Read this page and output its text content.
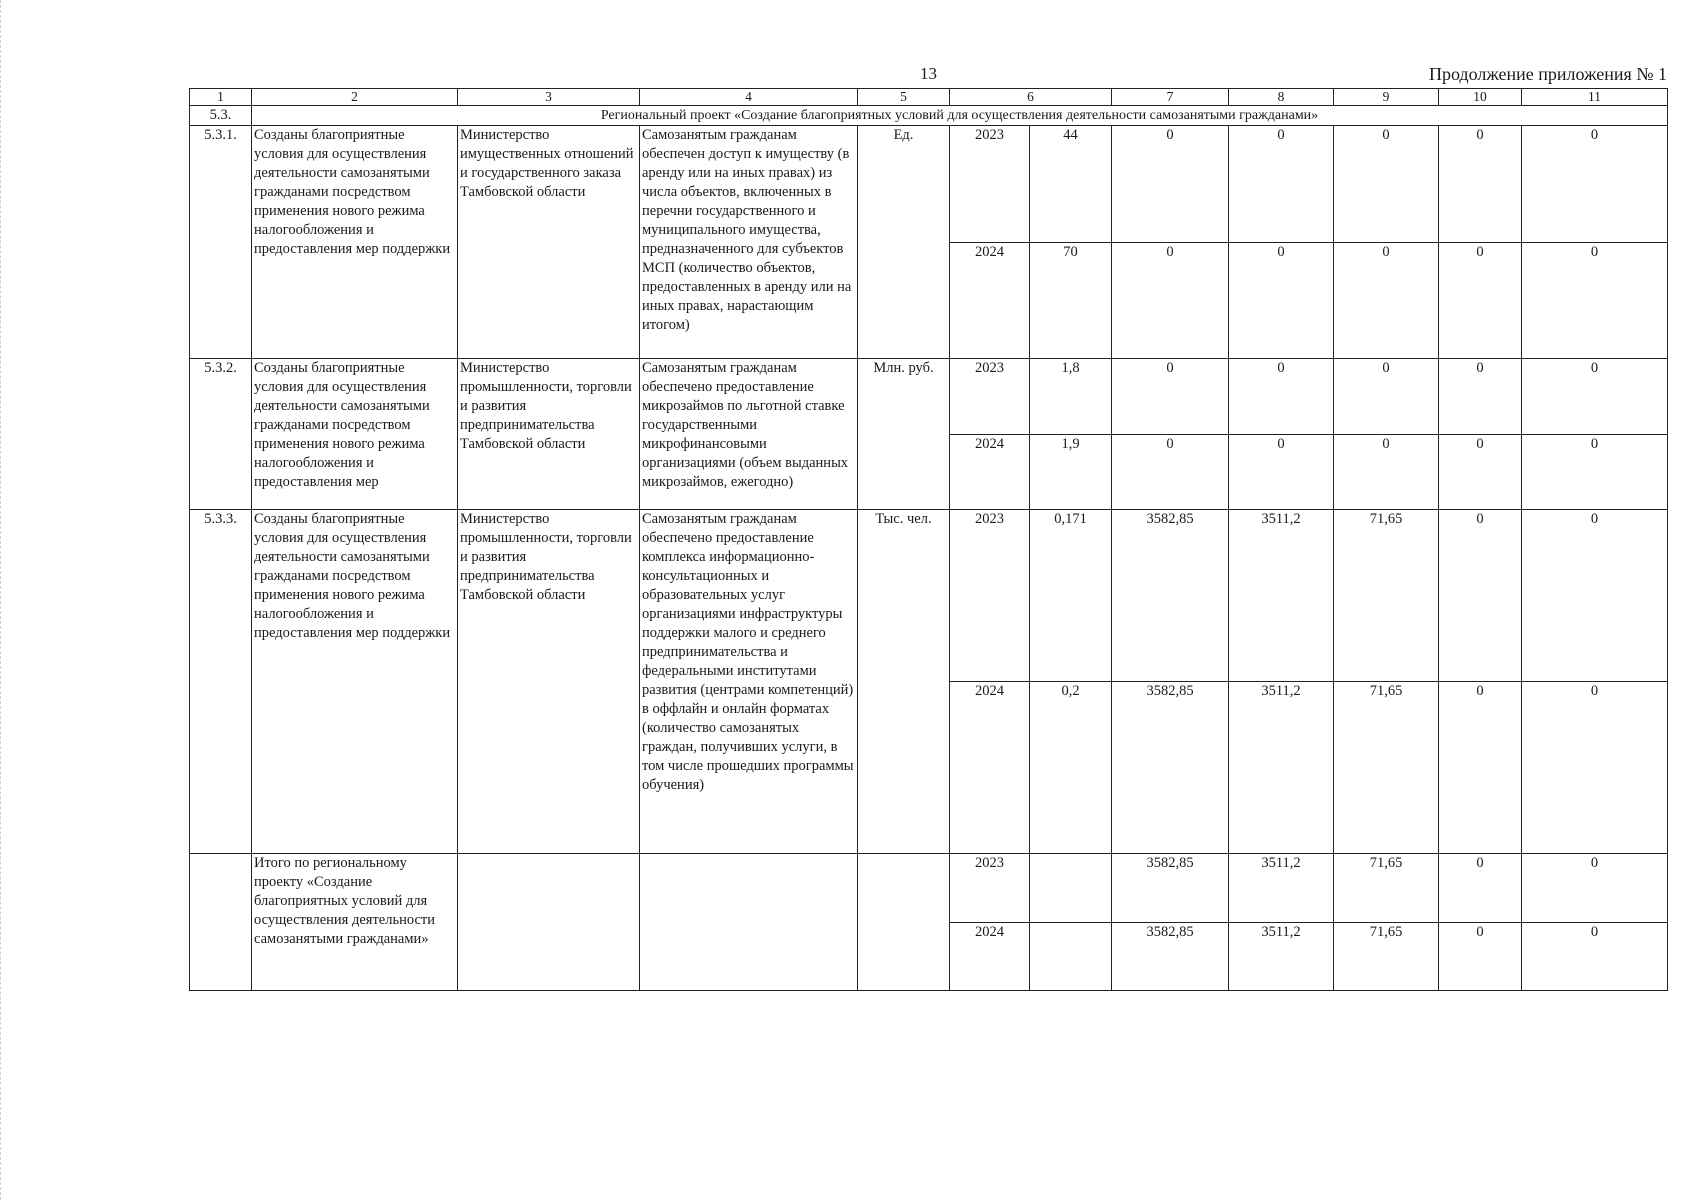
13	Продолжение приложения № 1
1	2	3	4	5	6		7	8	9	10	11
5.3.	Региональный проект «Создание благоприятных условий для осуществления деятельности самозанятыми гражданами»										
5.3.1.	Созданы благоприятные условия для осуществления деятельности самозанятыми гражданами посредством применения нового режима налогообложения и предоставления мер поддержки	Министерство имущественных отношений и государственного заказа Тамбовской области	Самозанятым гражданам обеспечен доступ к имуществу (в аренду или на иных правах) из числа объектов, включенных в перечни государственного и муниципального имущества, предназначенного для субъектов МСП (количество объектов, предоставленных в аренду или на иных правах, нарастающим итогом)	Ед.	2023	44	0	0	0	0	0
					2024	70	0	0	0	0	0
5.3.2.	Созданы благоприятные условия для осуществления деятельности самозанятыми гражданами посредством применения нового режима налогообложения и предоставления мер	Министерство промышленности, торговли и развития предпринимательства Тамбовской области	Самозанятым гражданам обеспечено предоставление микрозаймов по льготной ставке государственными микрофинансовыми организациями (объем выданных микрозаймов, ежегодно)	Млн. руб.	2023	1,8	0	0	0	0	0
					2024	1,9	0	0	0	0	0
5.3.3.	Созданы благоприятные условия для осуществления деятельности самозанятыми гражданами посредством применения нового режима налогообложения и предоставления мер поддержки	Министерство промышленности, торговли и развития предпринимательства Тамбовской области	Самозанятым гражданам обеспечено предоставление комплекса информационно-консультационных и образовательных услуг организациями инфраструктуры поддержки малого и среднего предпринимательства и федеральными институтами развития (центрами компетенций) в оффлайн и онлайн форматах (количество самозанятых граждан, получивших услуги, в том числе прошедших программы обучения)	Тыс. чел.	2023	0,171	3582,85	3511,2	71,65	0	0
					2024	0,2	3582,85	3511,2	71,65	0	0
	Итого по региональному проекту «Создание благоприятных условий для осуществления деятельности самозанятыми гражданами»				2023		3582,85	3511,2	71,65	0	0
					2024		3582,85	3511,2	71,65	0	0
